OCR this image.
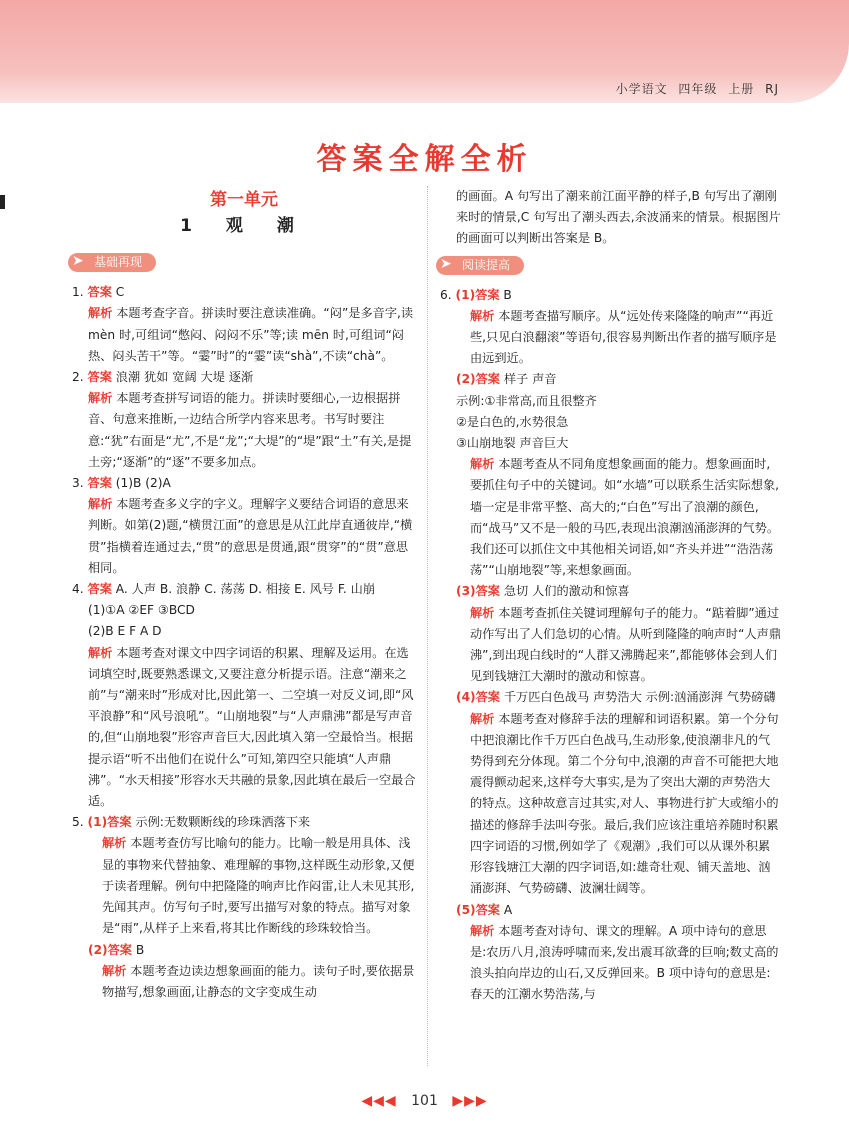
小学语文 四年级 上册 RJ
答案全解全析

第一单元

1 观 潮

➤ 基础再现

1. 答案 C

解析 本题考查字音。拼读时要注意读准确。“闷”是多音字,读 mèn 时,可组词“憋闷、闷闷不乐”等;读 mēn 时,可组词“闷热、闷头苦干”等。“霎”时”的“霎”读“shà”,不读“chà”。

2. 答案 浪潮 犹如 宽阔 大堤 逐渐

解析 本题考查拼写词语的能力。拼读时要细心,一边根据拼音、句意来推断,一边结合所学内容来思考。书写时要注意:“犹”右面是“尤”,不是“龙”;“大堤”的“堤”跟“土”有关,是提土旁;“逐渐”的“逐”不要多加点。

3. 答案 (1)B (2)A

解析 本题考查多义字的字义。理解字义要结合词语的意思来判断。如第(2)题,“横贯江面”的意思是从江此岸直通彼岸,“横贯”指横着连通过去,“贯”的意思是贯通,跟“贯穿”的“贯”意思相同。

4. 答案 A. 人声 B. 浪静 C. 荡荡 D. 相接 E. 风号 F. 山崩

(1)①A ②EF ③BCD

(2)B E F A D

解析 本题考查对课文中四字词语的积累、理解及运用。在选词填空时,既要熟悉课文,又要注意分析提示语。注意“潮来之前”与“潮来时”形成对比,因此第一、二空填一对反义词,即“风平浪静”和“风号浪吼”。“山崩地裂”与“人声鼎沸”都是写声音的,但“山崩地裂”形容声音巨大,因此填入第一空最恰当。根据提示语“听不出他们在说什么”可知,第四空只能填“人声鼎沸”。“水天相接”形容水天共融的景象,因此填在最后一空最合适。

5. (1)答案 示例:无数颗断线的珍珠洒落下来

解析 本题考查仿写比喻句的能力。比喻一般是用具体、浅显的事物来代替抽象、难理解的事物,这样既生动形象,又便于读者理解。例句中把隆隆的响声比作闷雷,让人未见其形,先闻其声。仿写句子时,要写出描写对象的特点。描写对象是“雨”,从样子上来看,将其比作断线的珍珠较恰当。

(2)答案 B

解析 本题考查边读边想象画面的能力。读句子时,要依据景物描写,想象画面,让静态的文字变成生动

的画面。A 句写出了潮来前江面平静的样子,B 句写出了潮刚来时的情景,C 句写出了潮头西去,余波涌来的情景。根据图片的画面可以判断出答案是 B。

➤ 阅读提高

6. (1)答案 B

解析 本题考查描写顺序。从“远处传来隆隆的响声”“再近些,只见白浪翻滚”等语句,很容易判断出作者的描写顺序是由远到近。

(2)答案 样子 声音

示例:①非常高,而且很整齐

②是白色的,水势很急

③山崩地裂 声音巨大

解析 本题考查从不同角度想象画面的能力。想象画面时,要抓住句子中的关键词。如“水墙”可以联系生活实际想象,墙一定是非常平整、高大的;“白色”写出了浪潮的颜色,而“战马”又不是一般的马匹,表现出浪潮汹涌澎湃的气势。我们还可以抓住文中其他相关词语,如“齐头并进”“浩浩荡荡”“山崩地裂”等,来想象画面。

(3)答案 急切 人们的激动和惊喜

解析 本题考查抓住关键词理解句子的能力。“踮着脚”通过动作写出了人们急切的心情。从听到隆隆的响声时“人声鼎沸”,到出现白线时的“人群又沸腾起来”,都能够体会到人们见到钱塘江大潮时的激动和惊喜。

(4)答案 千万匹白色战马 声势浩大 示例:汹涌澎湃 气势磅礴

解析 本题考查对修辞手法的理解和词语积累。第一个分句中把浪潮比作千万匹白色战马,生动形象,使浪潮非凡的气势得到充分体现。第二个分句中,浪潮的声音不可能把大地震得颤动起来,这样夸大事实,是为了突出大潮的声势浩大的特点。这种故意言过其实,对人、事物进行扩大或缩小的描述的修辞手法叫夸张。最后,我们应该注重培养随时积累四字词语的习惯,例如学了《观潮》,我们可以从课外积累形容钱塘江大潮的四字词语,如:雄奇壮观、铺天盖地、汹涌澎湃、气势磅礴、波澜壮阔等。

(5)答案 A

解析 本题考查对诗句、课文的理解。A 项中诗句的意思是:农历八月,浪涛呼啸而来,发出震耳欲聋的巨响;数丈高的浪头拍向岸边的山石,又反弹回来。B 项中诗句的意思是:春天的江潮水势浩荡,与

◀◀◀ 101 ▶▶▶
